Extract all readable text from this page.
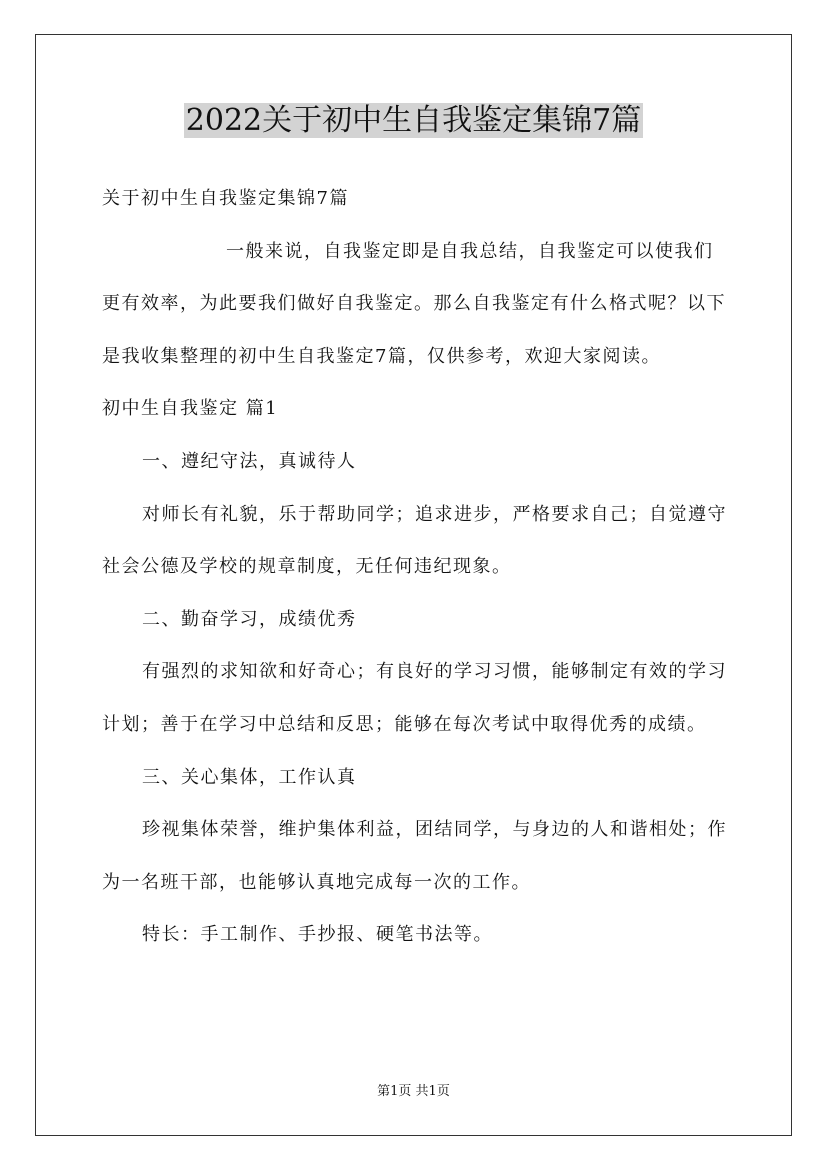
2022关于初中生自我鉴定集锦7篇

关于初中生自我鉴定集锦7篇

一般来说，自我鉴定即是自我总结，自我鉴定可以使我们更有效率，为此要我们做好自我鉴定。那么自我鉴定有什么格式呢？以下是我收集整理的初中生自我鉴定7篇，仅供参考，欢迎大家阅读。

初中生自我鉴定 篇1

一、遵纪守法，真诚待人

对师长有礼貌，乐于帮助同学；追求进步，严格要求自己；自觉遵守社会公德及学校的规章制度，无任何违纪现象。

二、勤奋学习，成绩优秀

有强烈的求知欲和好奇心；有良好的学习习惯，能够制定有效的学习计划；善于在学习中总结和反思；能够在每次考试中取得优秀的成绩。

三、关心集体，工作认真

珍视集体荣誉，维护集体利益，团结同学，与身边的人和谐相处；作为一名班干部，也能够认真地完成每一次的工作。

特长：手工制作、手抄报、硬笔书法等。

第1页 共1页
